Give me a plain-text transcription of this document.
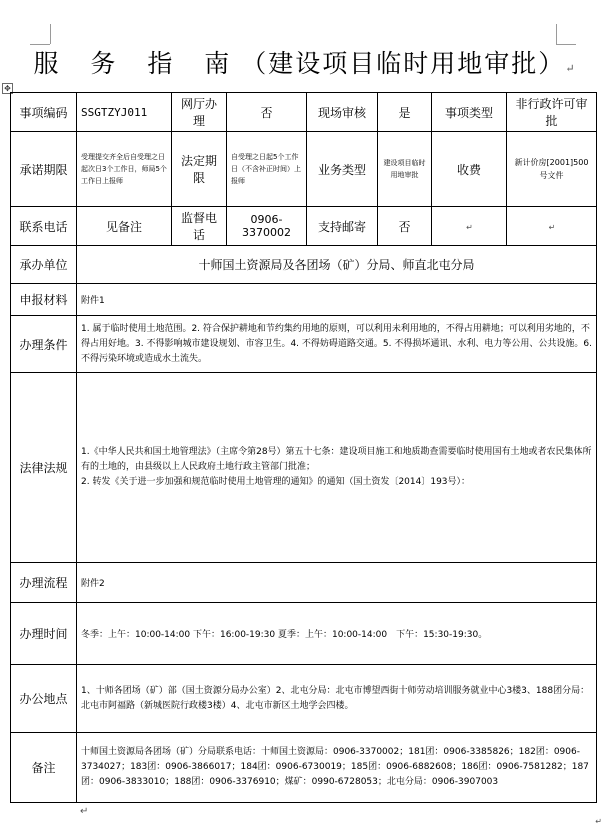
服 务 指 南（建设项目临时用地审批）↵
✥
事项编码	SSGTZYJ011	网厅办理	否	现场审核	是	事项类型	非行政许可审批
承诺期限	受理提交齐全后自受理之日起次日3个工作日，师局5个工作日上报师	法定期限	自受理之日起5个工作日（不含补正时间）上报师	业务类型	建设项目临时用地审批	收费	新计价房[2001]500号文件
联系电话	见备注	监督电话	0906-3370002	支持邮寄	否	↵	↵
承办单位	十师国土资源局及各团场（矿）分局、师直北屯分局						
申报材料	附件1						
办理条件	1. 属于临时使用土地范围。2. 符合保护耕地和节约集约用地的原则，可以利用未利用地的，不得占用耕地；可以利用劣地的，不得占用好地。3. 不得影响城市建设规划、市容卫生。4. 不得妨碍道路交通。5. 不得损坏通讯、水利、电力等公用、公共设施。6. 不得污染环境或造成水土流失。						
法律法规	1.《中华人民共和国土地管理法》（主席令第28号）第五十七条：建设项目施工和地质勘查需要临时使用国有土地或者农民集体所有的土地的，由县级以上人民政府土地行政主管部门批准；
2. 转发《关于进一步加强和规范临时使用土地管理的通知》的通知（国土资发〔2014〕193号）：						

办理流程	附件2						
办理时间	冬季：上午：10:00-14:00 下午：16:00-19:30 夏季：上午：10:00-14:00　下午：15:30-19:30。						
办公地点	1、十师各团场（矿）部（国土资源分局办公室）2、北屯分局：北屯市博望西街十师劳动培训服务就业中心3楼3、188团分局：北屯市阿福路（新城医院行政楼3楼）4、北屯市新区土地学会四楼。						
备注	十师国土资源局各团场（矿）分局联系电话：十师国土资源局：0906-3370002；181团：0906-3385826；182团：0906-3734027；183团：0906-3866017；184团：0906-6730019；185团：0906-6882608；186团：0906-7581282；187团：0906-3833010；188团：0906-3376910；煤矿：0990-6728053；北屯分局：0906-3907003						
↵
↵
